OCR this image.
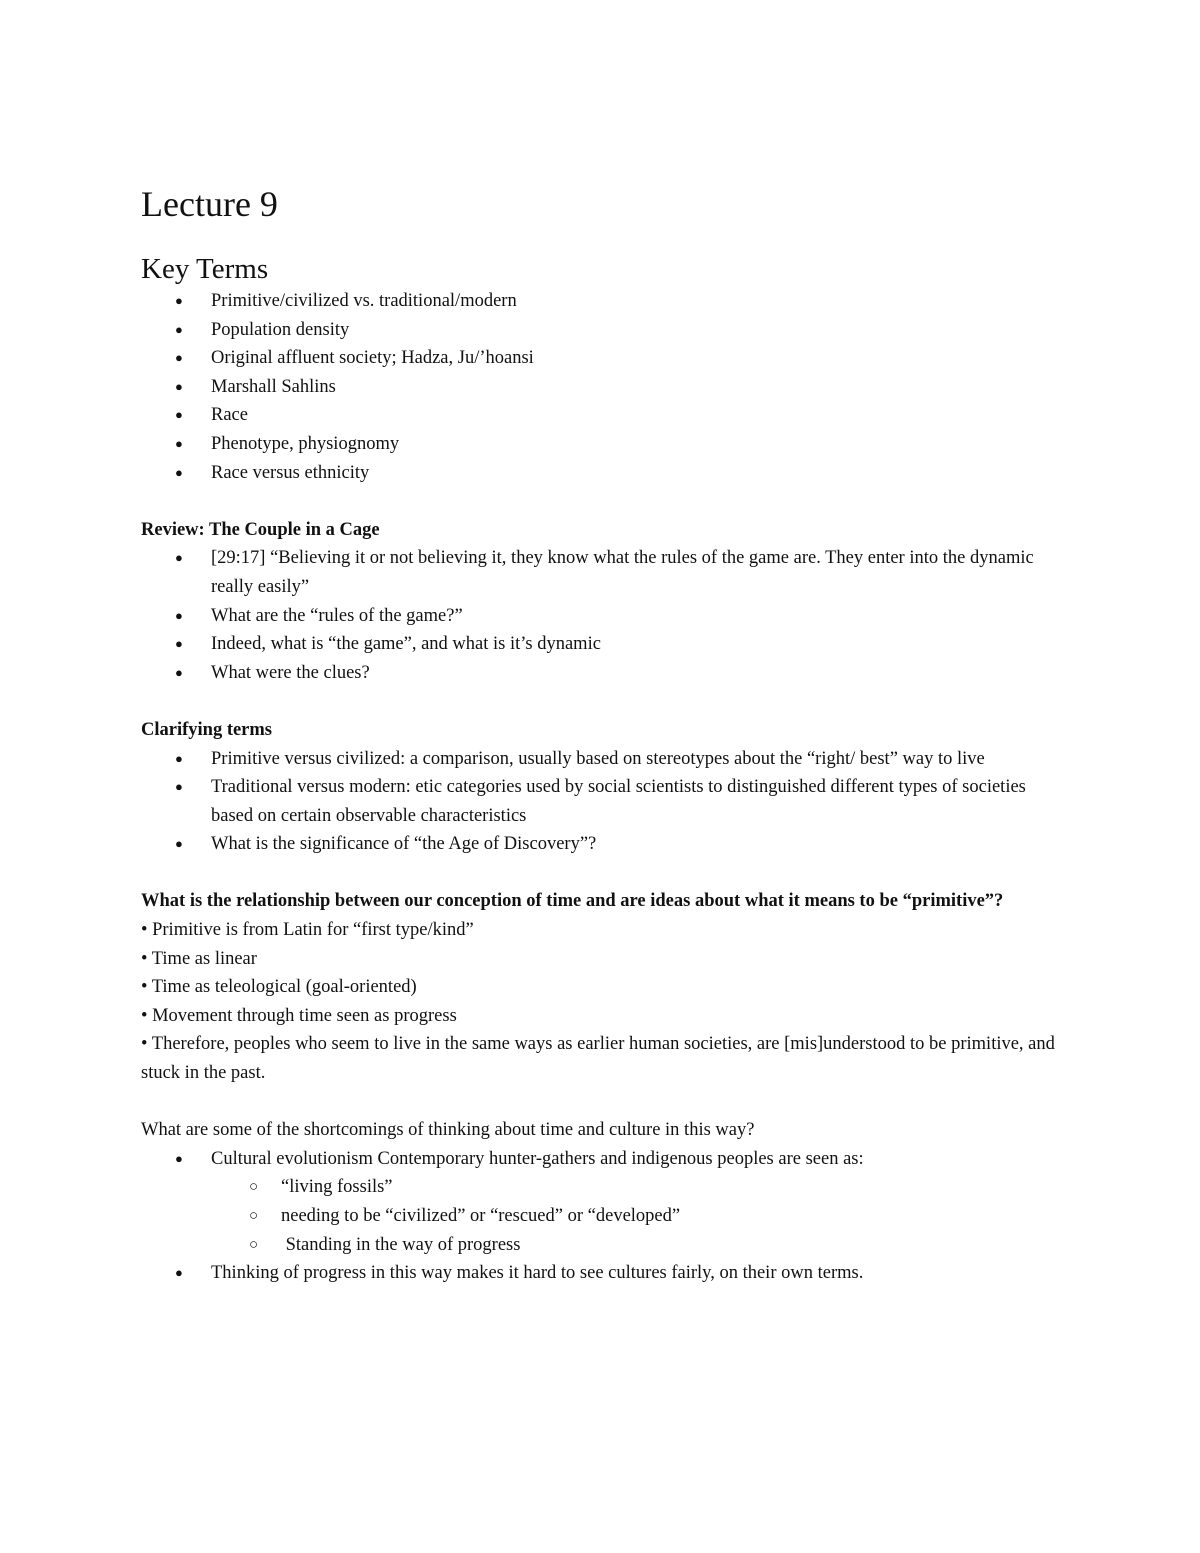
Lecture 9
Key Terms
● Primitive/civilized vs. traditional/modern
● Population density
● Original affluent society; Hadza, Ju/’hoansi
● Marshall Sahlins
● Race
● Phenotype, physiognomy
● Race versus ethnicity

Review: The Couple in a Cage

● [29:17] “Believing it or not believing it, they know what the rules of the game are. They enter into the dynamic really easily”
● What are the “rules of the game?”
● Indeed, what is “the game”, and what is it’s dynamic
● What were the clues?

Clarifying terms

● Primitive versus civilized: a comparison, usually based on stereotypes about the “right/ best” way to live
● Traditional versus modern: etic categories used by social scientists to distinguished different types of societies based on certain observable characteristics
● What is the significance of “the Age of Discovery”?

What is the relationship between our conception of time and are ideas about what it means to be “primitive”?

• Primitive is from Latin for “first type/kind”

• Time as linear

• Time as teleological (goal-oriented)

• Movement through time seen as progress

• Therefore, peoples who seem to live in the same ways as earlier human societies, are [mis]understood to be primitive, and stuck in the past.

What are some of the shortcomings of thinking about time and culture in this way?

● Cultural evolutionism Contemporary hunter-gathers and indigenous peoples are seen as:
○ “living fossils”
○ needing to be “civilized” or “rescued” or “developed”
○ Standing in the way of progress
● Thinking of progress in this way makes it hard to see cultures fairly, on their own terms.
